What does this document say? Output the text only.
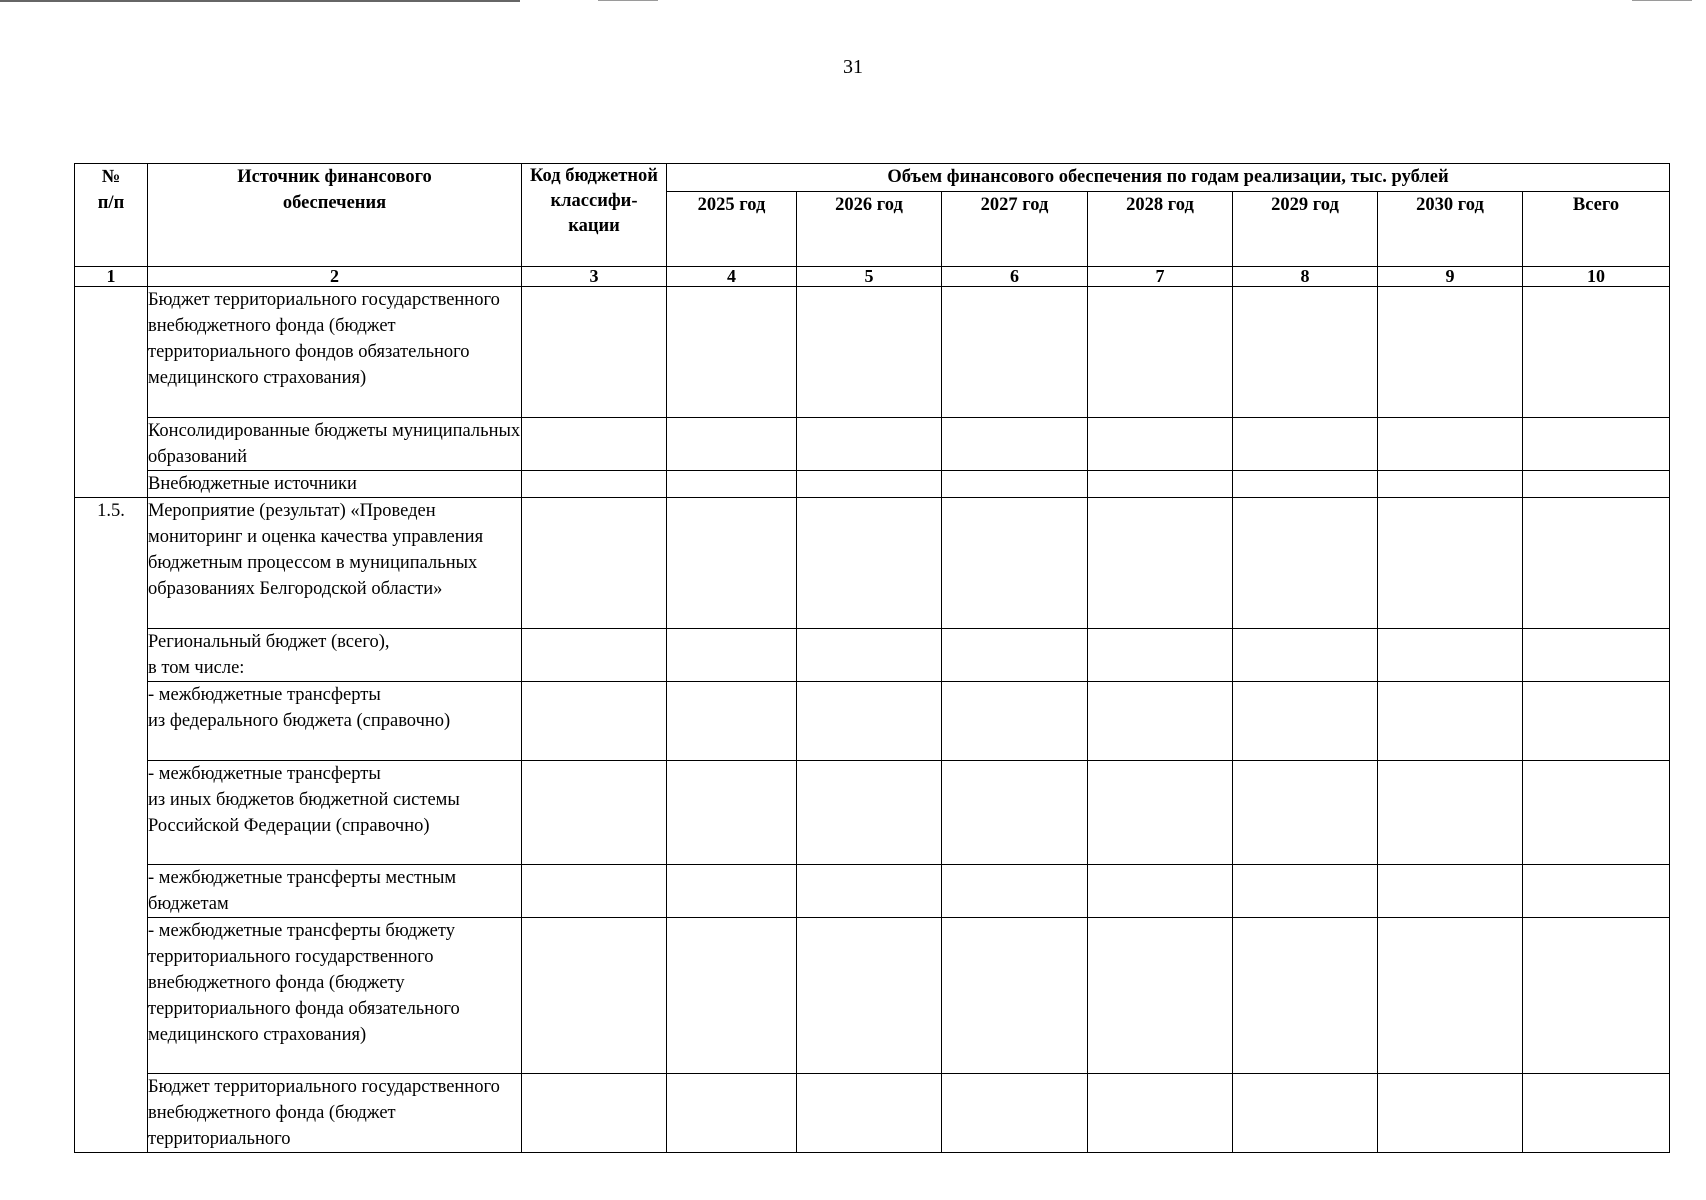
31
№
п/п	Источник финансового обеспечения	Код бюджетной классифи-кации	Объем финансового обеспечения по годам реализации, тыс. рублей						
			2025 год	2026 год	2027 год	2028 год	2029 год	2030 год	Всего
1	2	3	4	5	6	7	8	9	10
	Бюджет территориального государственного внебюджетного фонда (бюджет территориального фондов обязательного медицинского страхования)								
	Консолидированные бюджеты муниципальных образований								
	Внебюджетные источники								
1.5.	Мероприятие (результат) «Проведен мониторинг и оценка качества управления бюджетным процессом в муниципальных образованиях Белгородской области»								
	Региональный бюджет (всего),
в том числе:								
	- межбюджетные трансферты
из федерального бюджета (справочно)								
	- межбюджетные трансферты
из иных бюджетов бюджетной системы Российской Федерации (справочно)								
	- межбюджетные трансферты местным бюджетам								
	- межбюджетные трансферты бюджету территориального государственного внебюджетного фонда (бюджету территориального фонда обязательного медицинского страхования)								
	Бюджет территориального государственного внебюджетного фонда (бюджет территориального								
